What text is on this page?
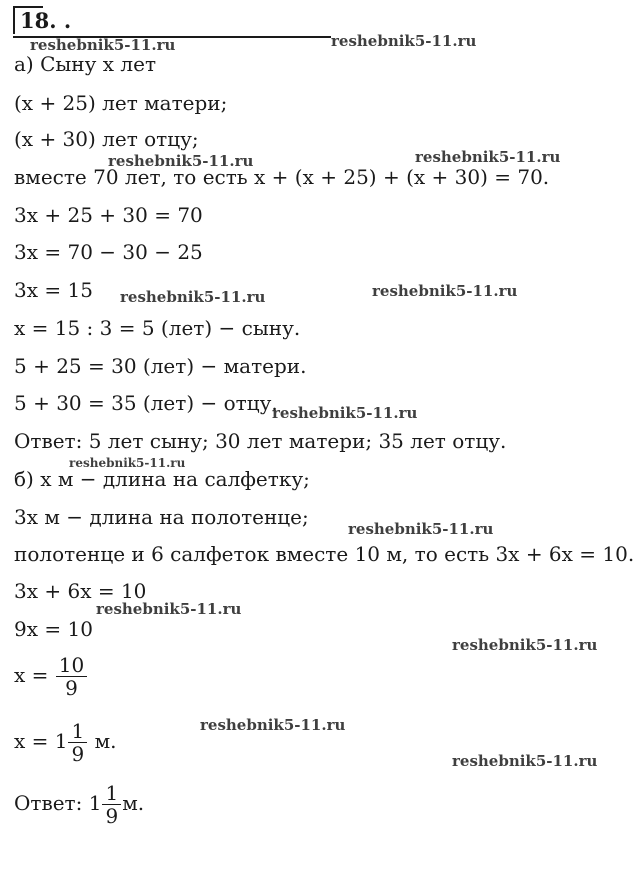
18. .
а) Сыну x лет
(x + 25) лет матери;
(x + 30) лет отцу;
вместе 70 лет, то есть x + (x + 25) + (x + 30) = 70.
3x + 25 + 30 = 70
3x = 70 − 30 − 25
3x = 15
x = 15 : 3 = 5 (лет) − сыну.
5 + 25 = 30 (лет) − матери.
5 + 30 = 35 (лет) − отцу.
Ответ: 5 лет сыну; 30 лет матери; 35 лет отцу.
б) x м − длина на салфетку;
3x м − длина на полотенце;
полотенце и 6 салфеток вместе 10 м, то есть 3x + 6x = 10.
3x + 6x = 10
9x = 10
$x = \frac{10}{9}$
$x = 1 \frac{1}{9} м$.
Ответ: $1 \frac{1}{9} м$.
reshebnik5-11.ru	reshebnik5-11.ru
reshebnik5-11.ru	reshebnik5-11.ru
reshebnik5-11.ru	reshebnik5-11.ru
reshebnik5-11.ru
reshebnik5-11.ru
reshebnik5-11.ru
reshebnik5-11.ru
reshebnik5-11.ru
reshebnik5-11.ru
reshebnik5-11.ru
